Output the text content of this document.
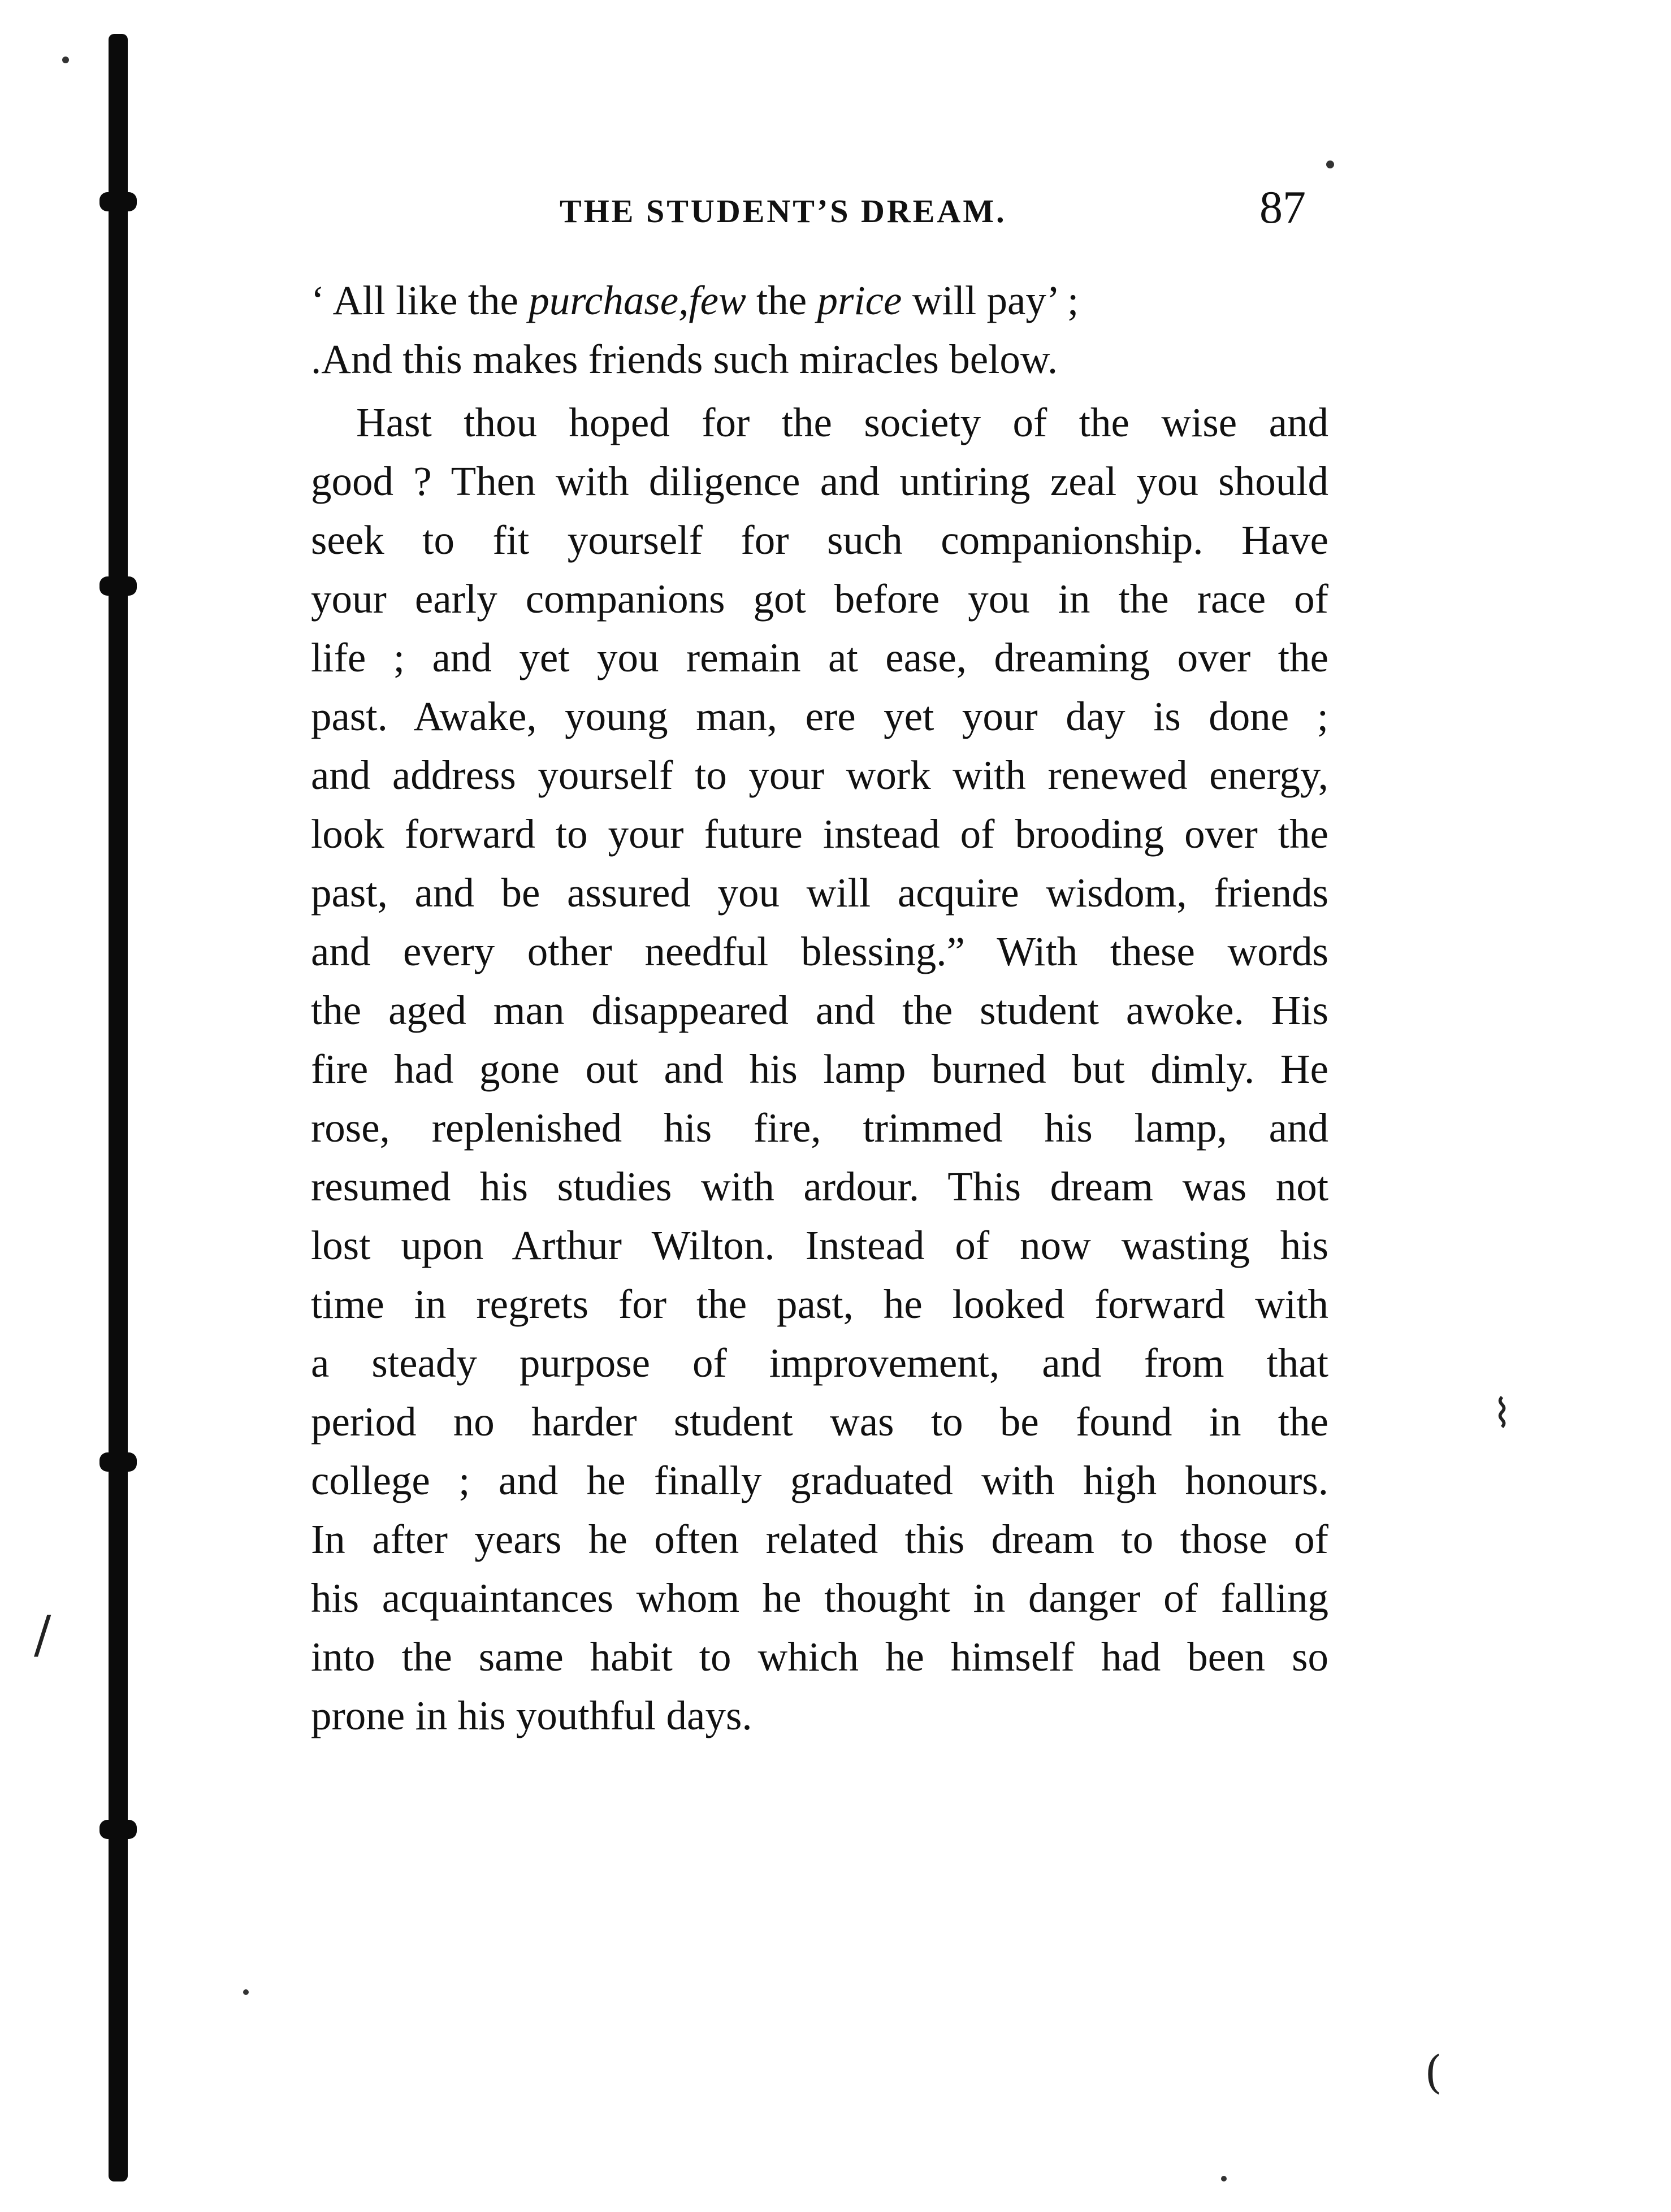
⌇
(
/
THE STUDENT’S DREAM.	87
‘ All like the purchase,few the price will pay’ ;
.And this makes friends such miracles below.
Hast thou hoped for the society of the wise and
good ? Then with diligence and untiring zeal you should
seek to fit yourself for such companionship. Have
your early companions got before you in the race of
life ; and yet you remain at ease, dreaming over the
past. Awake, young man, ere yet your day is done ;
and address yourself to your work with renewed energy,
look forward to your future instead of brooding over the
past, and be assured you will acquire wisdom, friends
and every other needful blessing.” With these words
the aged man disappeared and the student awoke. His
fire had gone out and his lamp burned but dimly. He
rose, replenished his fire, trimmed his lamp, and
resumed his studies with ardour. This dream was not
lost upon Arthur Wilton. Instead of now wasting his
time in regrets for the past, he looked forward with
a steady purpose of improvement, and from that
period no harder student was to be found in the
college ; and he finally graduated with high honours.
In after years he often related this dream to those of
his acquaintances whom he thought in danger of falling
into the same habit to which he himself had been so
prone in his youthful days.
